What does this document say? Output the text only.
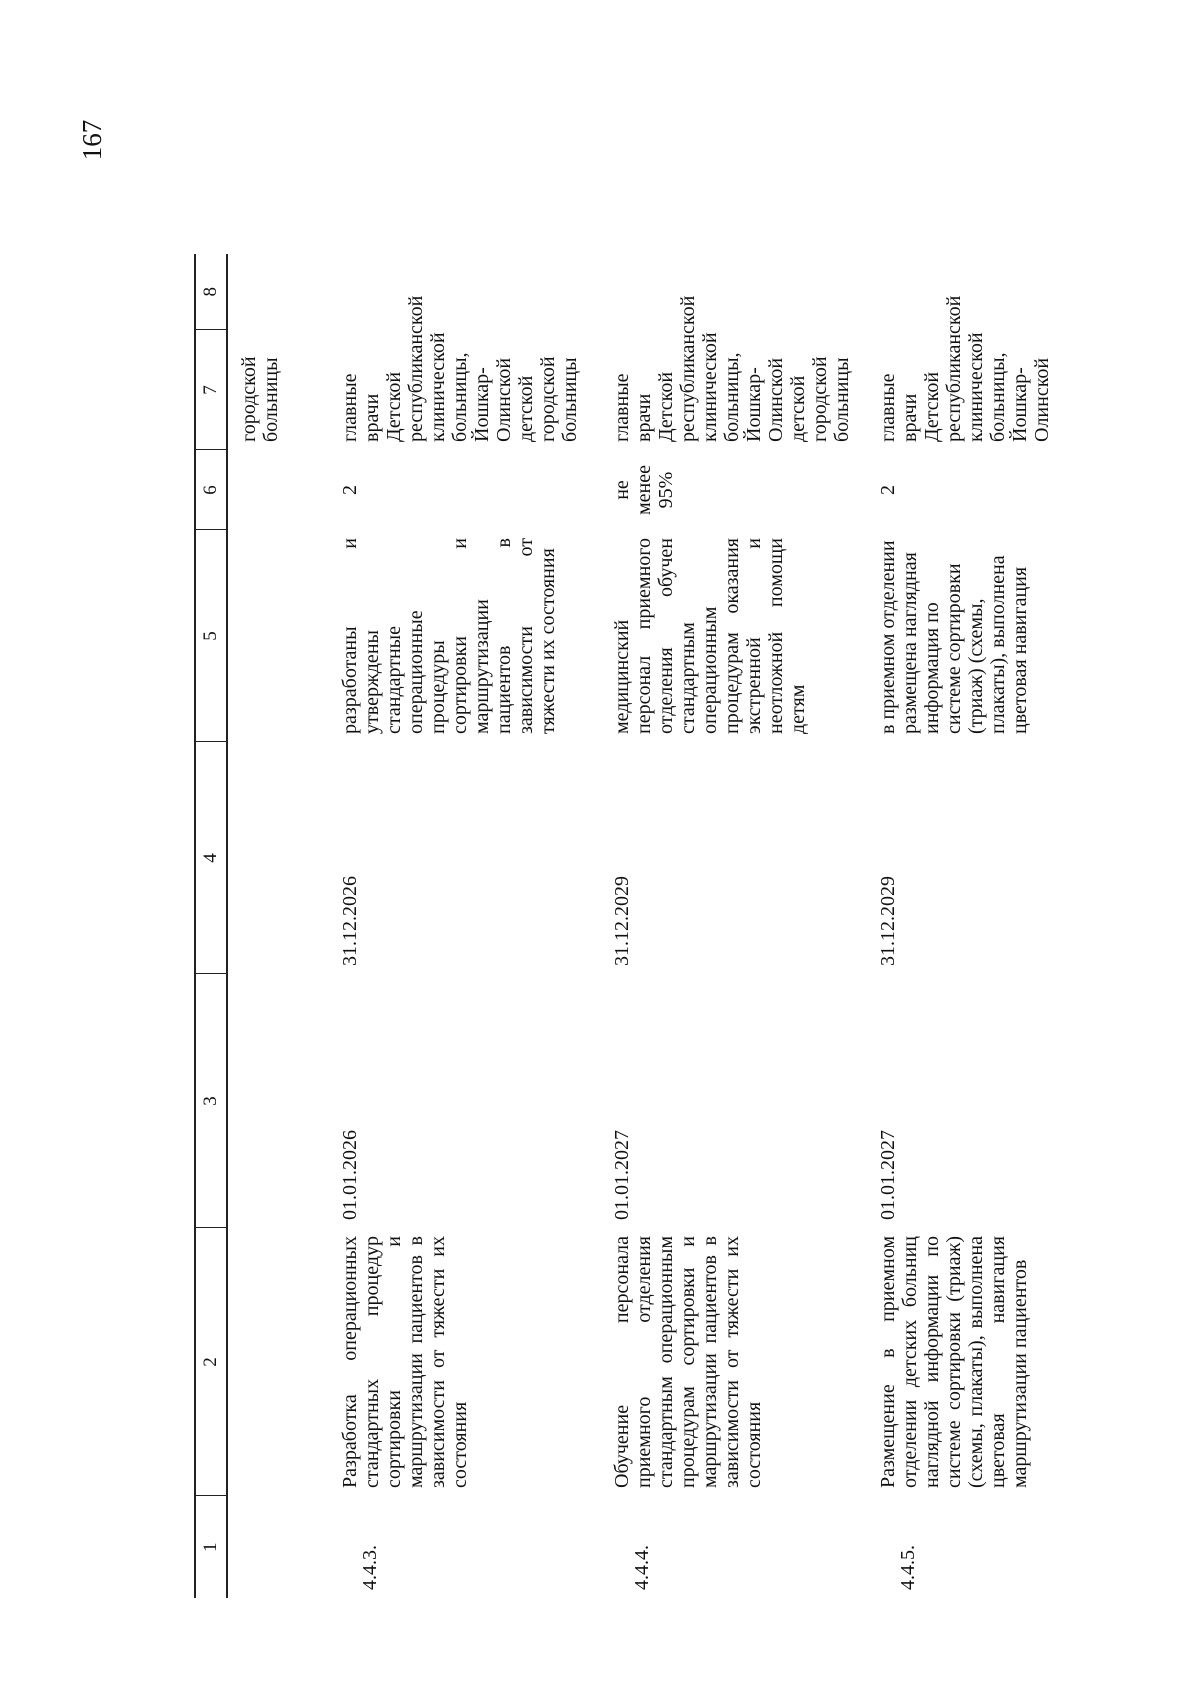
167
1	2	3	4	5	6	7	8

						городской больницы	

4.4.3.	Разработка операционных стандартных процедур сортировки и маршрутизации пациентов в зависимости от тяжести их состояния	01.01.2026	31.12.2026	разработаны и утверждены стандартные операционные процедуры сортировки и маршрутизации пациентов в зависимости от тяжести их состояния	2	главные врачи Детской республиканской клинической больницы, Йошкар-Олинской детской городской больницы	

4.4.4.	Обучение персонала приемного отделения стандартным операционным процедурам сортировки и маршрутизации пациентов в зависимости от тяжести их состояния	01.01.2027	31.12.2029	медицинский персонал приемного отделения обучен стандартным операционным процедурам оказания экстренной и неотложной помощи детям	не менее 95%	главные врачи Детской республиканской клинической больницы, Йошкар-Олинской детской городской больницы	

4.4.5.	Размещение в приемном отделении детских больниц наглядной информации по системе сортировки (триаж) (схемы, плакаты), выполнена цветовая навигация маршрутизации пациентов	01.01.2027	31.12.2029	в приемном отделении размещена наглядная информация по системе сортировки (триаж) (схемы, плакаты), выполнена цветовая навигация	2	главные врачи Детской республиканской клинической больницы, Йошкар-Олинской	
